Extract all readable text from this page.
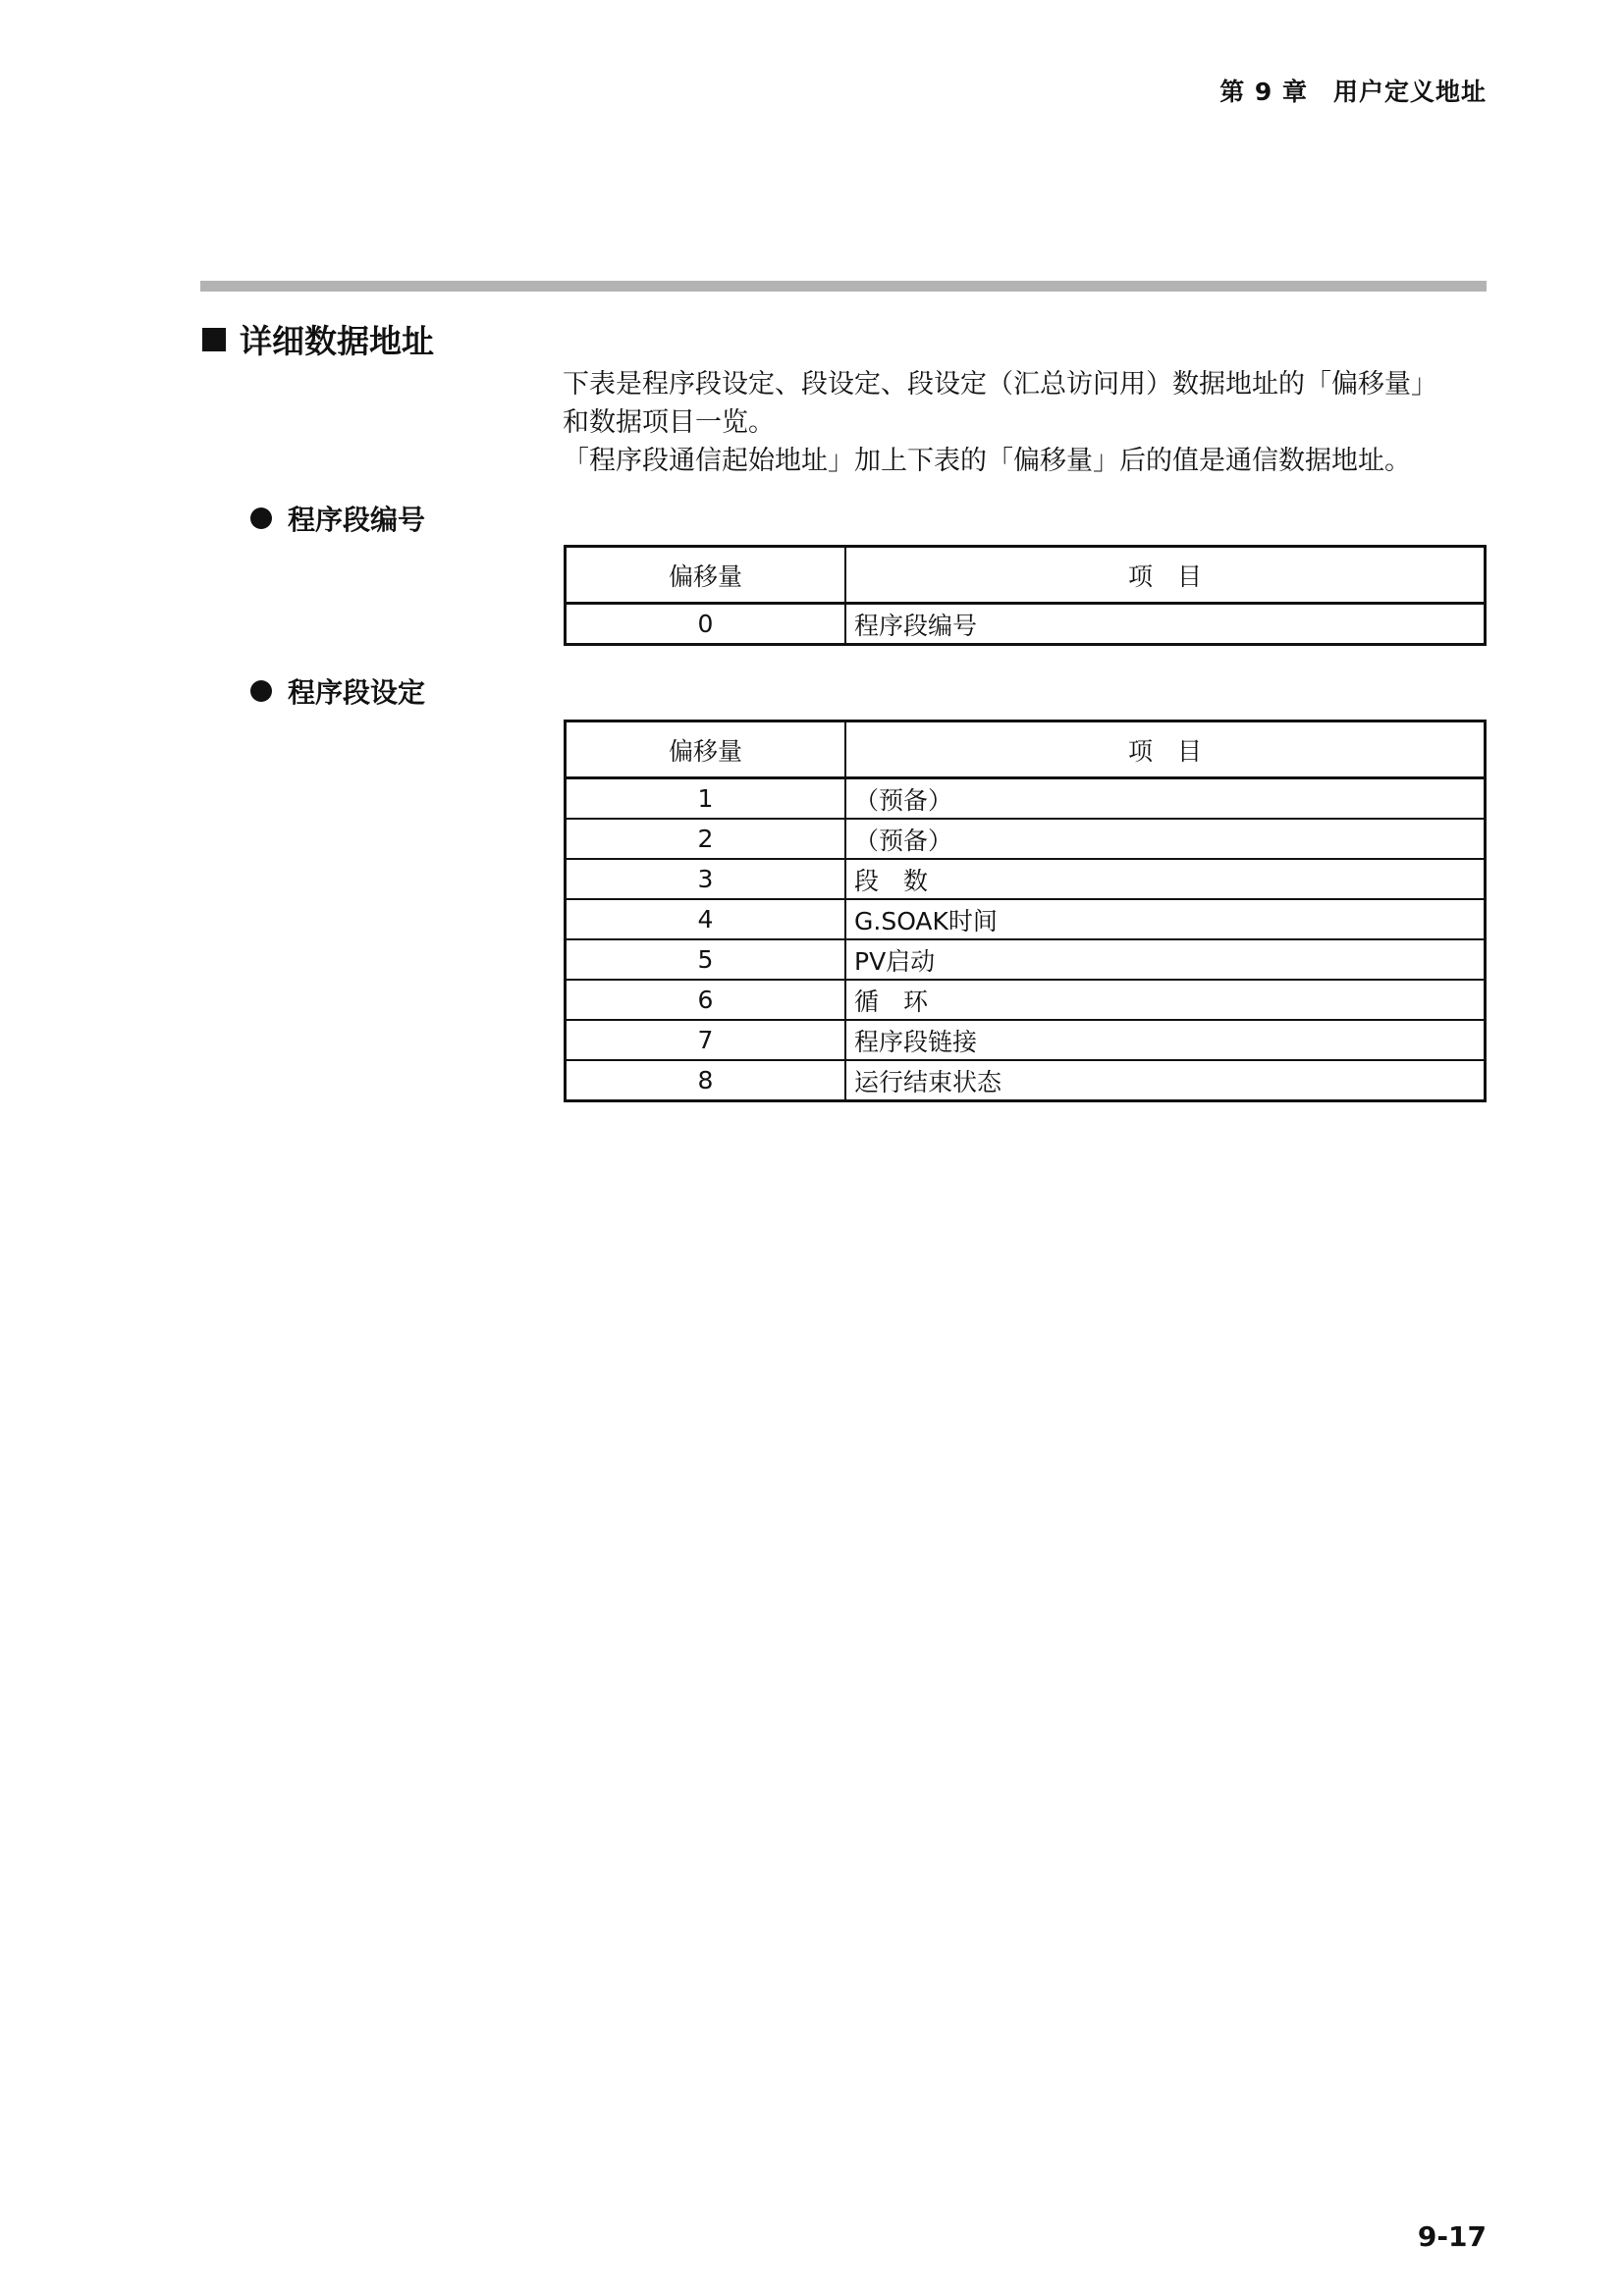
第 9 章　用户定义地址
详细数据地址

下表是程序段设定、段设定、段设定（汇总访问用）数据地址的「偏移量」

和数据项目一览。

「程序段通信起始地址」加上下表的「偏移量」后的值是通信数据地址。

程序段编号
偏移量	项　目
0	程序段编号
程序段设定
偏移量	项　目
1	（预备）
2	（预备）
3	段　数
4	G.SOAK时间
5	PV启动
6	循　环
7	程序段链接
8	运行结束状态
9-17
